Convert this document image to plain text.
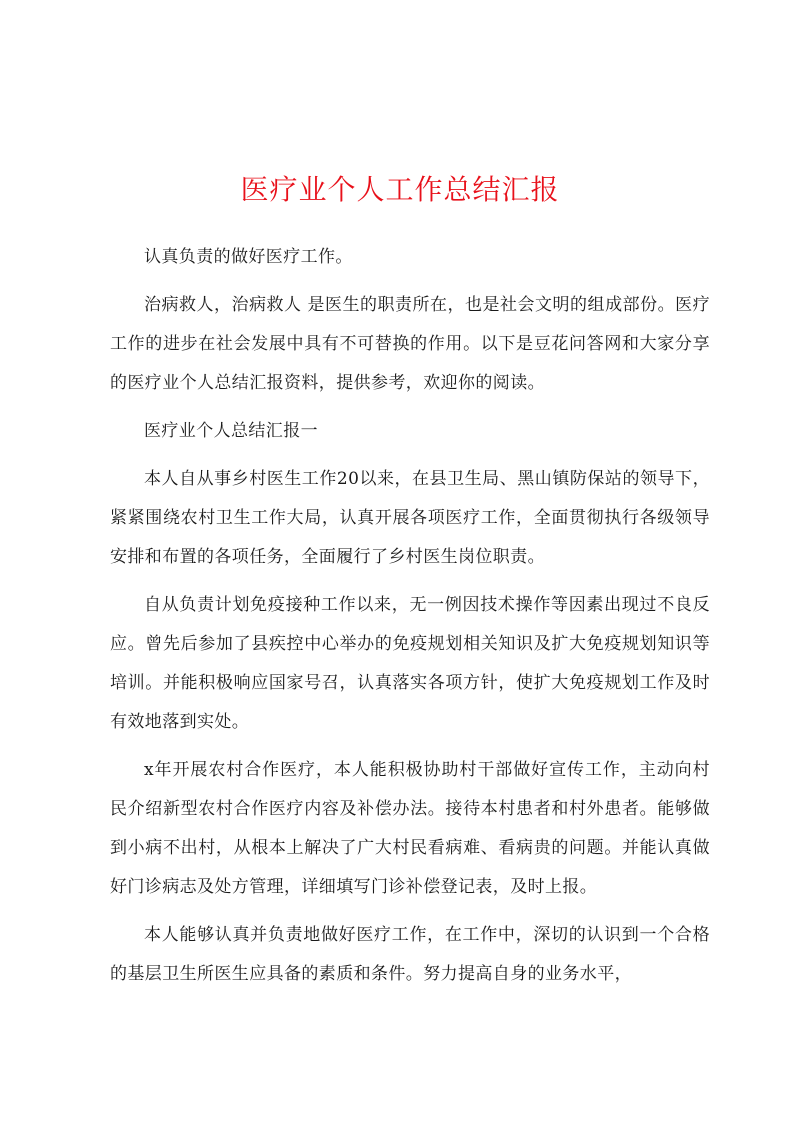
医疗业个人工作总结汇报

认真负责的做好医疗工作。

治病救人，治病救人 是医生的职责所在，也是社会文明的组成部份。医疗工作的进步在社会发展中具有不可替换的作用。以下是豆花问答网和大家分享的医疗业个人总结汇报资料，提供参考，欢迎你的阅读。

医疗业个人总结汇报一

本人自从事乡村医生工作20以来，在县卫生局、黑山镇防保站的领导下，紧紧围绕农村卫生工作大局，认真开展各项医疗工作，全面贯彻执行各级领导安排和布置的各项任务，全面履行了乡村医生岗位职责。

自从负责计划免疫接种工作以来，无一例因技术操作等因素出现过不良反应。曾先后参加了县疾控中心举办的免疫规划相关知识及扩大免疫规划知识等培训。并能积极响应国家号召，认真落实各项方针，使扩大免疫规划工作及时有效地落到实处。

x年开展农村合作医疗，本人能积极协助村干部做好宣传工作，主动向村民介绍新型农村合作医疗内容及补偿办法。接待本村患者和村外患者。能够做到小病不出村，从根本上解决了广大村民看病难、看病贵的问题。并能认真做好门诊病志及处方管理，详细填写门诊补偿登记表，及时上报。

本人能够认真并负责地做好医疗工作，在工作中，深切的认识到一个合格的基层卫生所医生应具备的素质和条件。努力提高自身的业务水平，
